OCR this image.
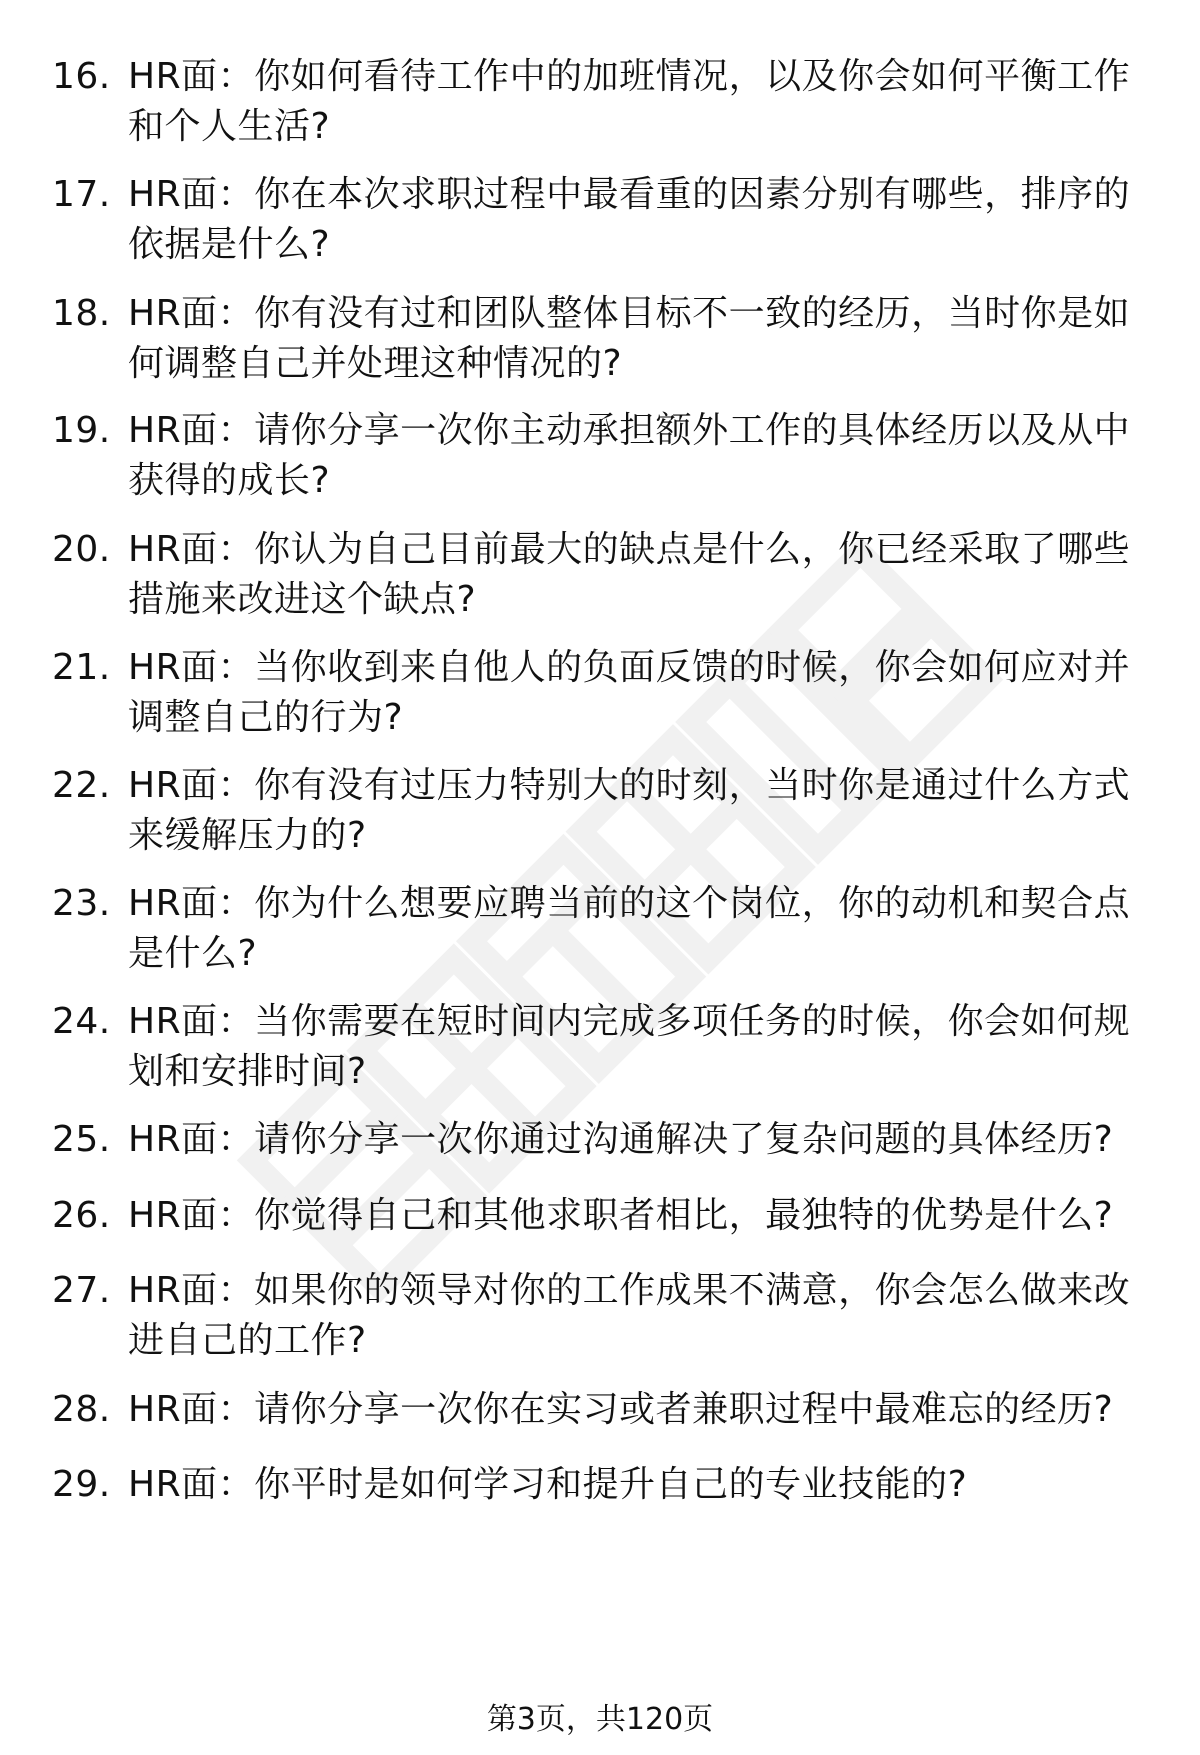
16. HR面：你如何看待工作中的加班情况，以及你会如何平衡工作和个人生活?
17. HR面：你在本次求职过程中最看重的因素分别有哪些，排序的依据是什么?
18. HR面：你有没有过和团队整体目标不一致的经历，当时你是如何调整自己并处理这种情况的?
19. HR面：请你分享一次你主动承担额外工作的具体经历以及从中获得的成长?
20. HR面：你认为自己目前最大的缺点是什么，你已经采取了哪些措施来改进这个缺点?
21. HR面：当你收到来自他人的负面反馈的时候，你会如何应对并调整自己的行为?
22. HR面：你有没有过压力特别大的时刻，当时你是通过什么方式来缓解压力的?
23. HR面：你为什么想要应聘当前的这个岗位，你的动机和契合点是什么?
24. HR面：当你需要在短时间内完成多项任务的时候，你会如何规划和安排时间?
25. HR面：请你分享一次你通过沟通解决了复杂问题的具体经历?
26. HR面：你觉得自己和其他求职者相比，最独特的优势是什么?
27. HR面：如果你的领导对你的工作成果不满意，你会怎么做来改进自己的工作?
28. HR面：请你分享一次你在实习或者兼职过程中最难忘的经历?
29. HR面：你平时是如何学习和提升自己的专业技能的?
第3页，共120页
